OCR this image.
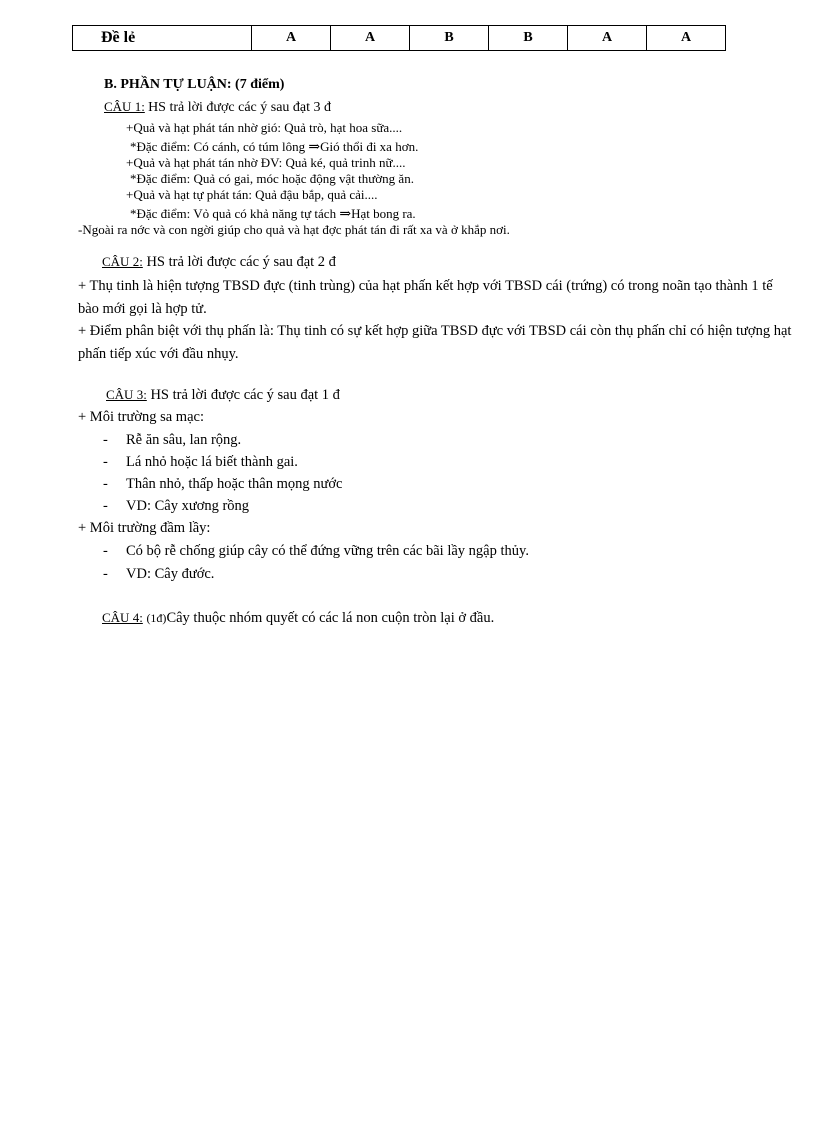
Đề lẻ	A	A	B	B	A	A
B. PHẦN TỰ LUẬN: (7 điểm)
CÂU 1: HS trả lời được các ý sau đạt 3 đ
+Quả và hạt phát tán nhờ gió: Quả trò, hạt hoa sữa....
*Đặc điểm: Có cánh, có túm lông ⇒Gió thổi đi xa hơn.
+Quả và hạt phát tán nhờ ĐV: Quả ké, quả trinh nữ....
*Đặc điểm: Quả có gai, móc hoặc động vật thường ăn.
+Quả và hạt tự phát tán: Quả đậu bắp, quả cải....
*Đặc điểm: Vỏ quả có khả năng tự tách ⇒Hạt bong ra.
-Ngoài ra nớc và con ngời giúp cho quả và hạt đợc phát tán đi rất xa và ở khắp nơi.
CÂU 2: HS trả lời được các ý sau đạt 2 đ
+ Thụ tinh là hiện tượng TBSD đực (tinh trùng) của hạt phấn kết hợp với TBSD cái (trứng) có trong noãn tạo thành 1 tế bào mới gọi là hợp tử.
+ Điểm phân biệt với thụ phấn là: Thụ tinh có sự kết hợp giữa TBSD đực với TBSD cái còn thụ phấn chỉ có hiện tượng hạt phấn tiếp xúc với đầu nhụy.
CÂU 3: HS trả lời được các ý sau đạt 1 đ
+ Môi trường sa mạc:
- Rễ ăn sâu, lan rộng.
- Lá nhỏ hoặc lá biết thành gai.
- Thân nhỏ, thấp hoặc thân mọng nước
- VD: Cây xương rồng
+ Môi trường đầm lầy:
- Có bộ rễ chống giúp cây có thể đứng vững trên các bãi lầy ngập thủy.
- VD: Cây đước.
CÂU 4: (1đ)Cây thuộc nhóm quyết có các lá non cuộn tròn lại ở đầu.
